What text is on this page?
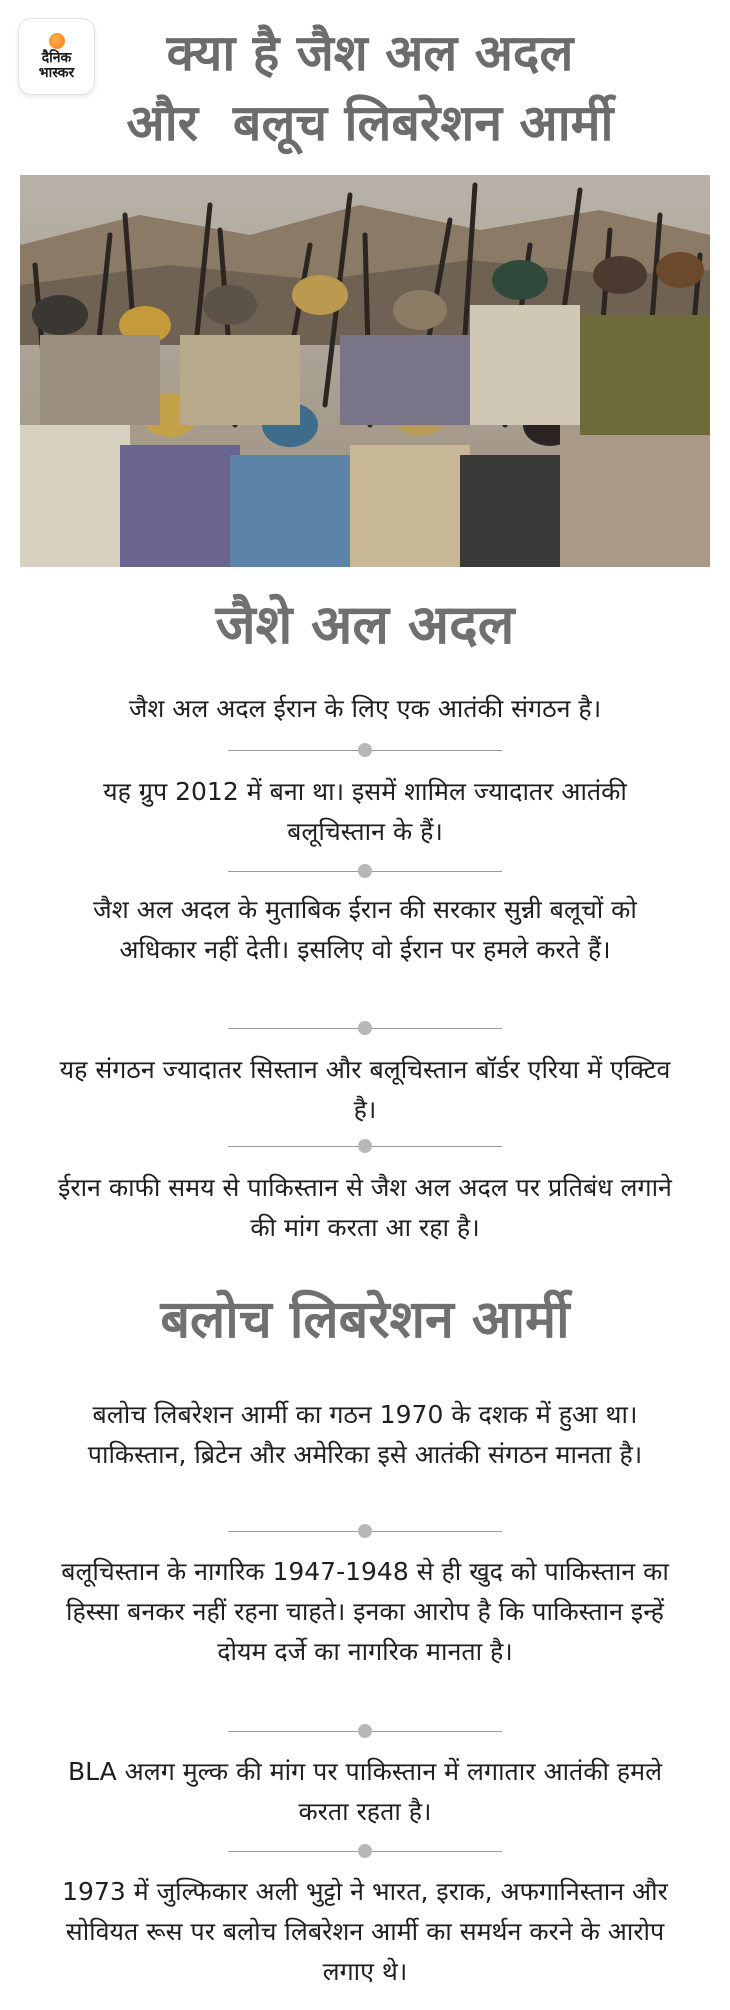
दैनिक
भास्कर	क्या है जैश अल अदल
और  बलूच लिबरेशन आर्मी
जैशे अल अदल

जैश अल अदल ईरान के लिए एक आतंकी संगठन है।

यह ग्रुप 2012 में बना था। इसमें शामिल ज्यादातर आतंकी बलूचिस्तान के हैं।

जैश अल अदल के मुताबिक ईरान की सरकार सुन्नी बलूचों को अधिकार नहीं देती। इसलिए वो ईरान पर हमले करते हैं।

यह संगठन ज्यादातर सिस्तान और बलूचिस्तान बॉर्डर एरिया में एक्टिव है।

ईरान काफी समय से पाकिस्तान से जैश अल अदल पर प्रतिबंध लगाने की मांग करता आ रहा है।

बलोच लिबरेशन आर्मी

बलोच लिबरेशन आर्मी का गठन 1970 के दशक में हुआ था। पाकिस्तान, ब्रिटेन और अमेरिका इसे आतंकी संगठन मानता है।

बलूचिस्तान के नागरिक 1947-1948 से ही खुद को पाकिस्तान का हिस्सा बनकर नहीं रहना चाहते। इनका आरोप है कि पाकिस्तान इन्हें दोयम दर्जे का नागरिक मानता है।

BLA अलग मुल्क की मांग पर पाकिस्तान में लगातार आतंकी हमले करता रहता है।

1973 में जुल्फिकार अली भुट्टो ने भारत, इराक, अफगानिस्तान और सोवियत रूस पर बलोच लिबरेशन आर्मी का समर्थन करने के आरोप लगाए थे।
